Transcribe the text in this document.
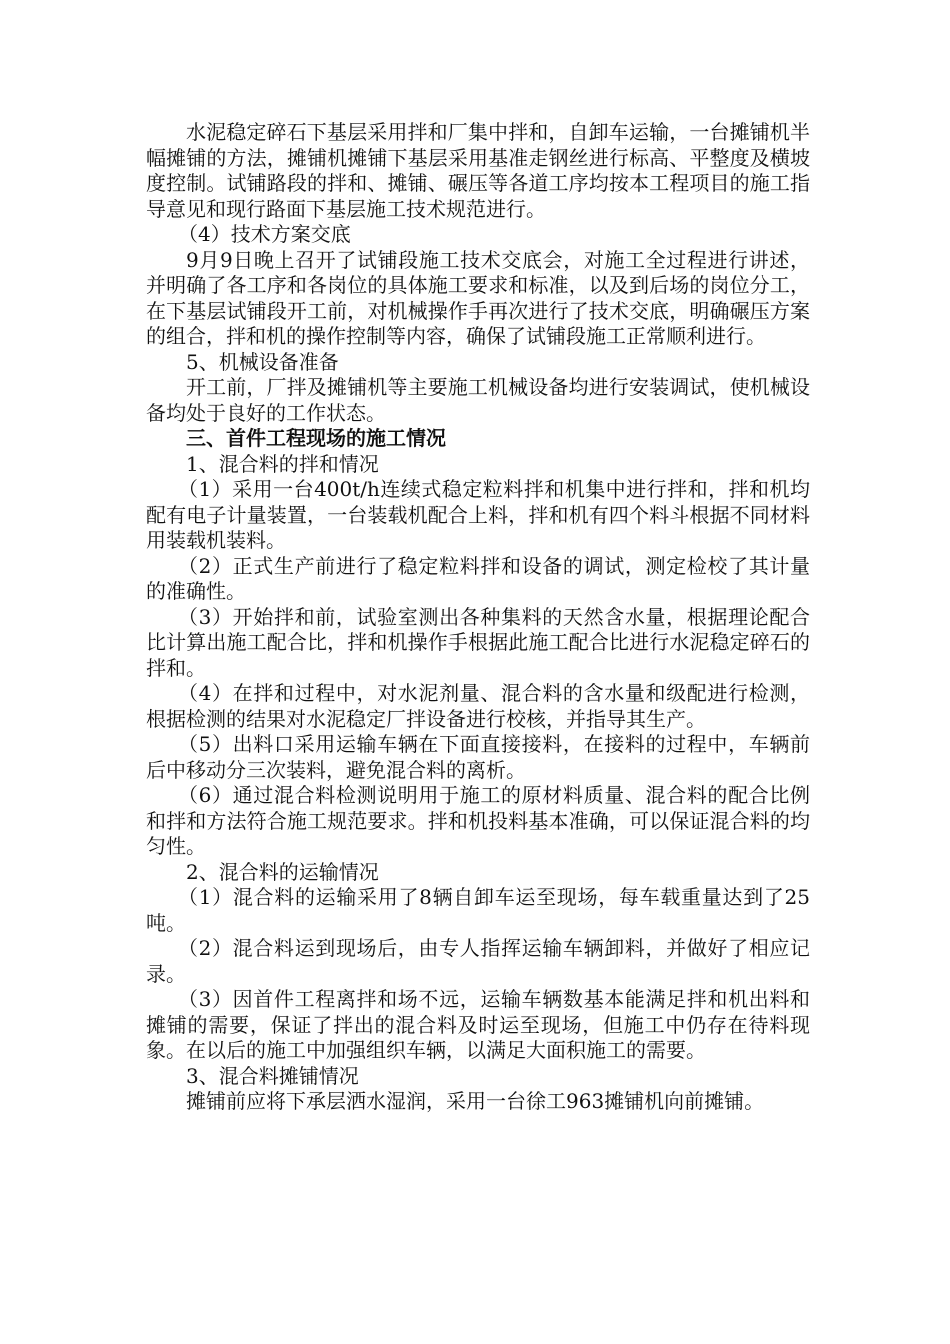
水泥稳定碎石下基层采用拌和厂集中拌和，自卸车运输，一台摊铺机半幅摊铺的方法，摊铺机摊铺下基层采用基准走钢丝进行标高、平整度及横坡度控制。试铺路段的拌和、摊铺、碾压等各道工序均按本工程项目的施工指导意见和现行路面下基层施工技术规范进行。

（4）技术方案交底

9月9日晚上召开了试铺段施工技术交底会，对施工全过程进行讲述，并明确了各工序和各岗位的具体施工要求和标准，以及到后场的岗位分工，在下基层试铺段开工前，对机械操作手再次进行了技术交底，明确碾压方案的组合，拌和机的操作控制等内容，确保了试铺段施工正常顺利进行。

5、机械设备准备

开工前，厂拌及摊铺机等主要施工机械设备均进行安装调试，使机械设备均处于良好的工作状态。

三、首件工程现场的施工情况

1、混合料的拌和情况

（1）采用一台400t/h连续式稳定粒料拌和机集中进行拌和，拌和机均配有电子计量装置，一台装载机配合上料，拌和机有四个料斗根据不同材料用装载机装料。

（2）正式生产前进行了稳定粒料拌和设备的调试，测定检校了其计量的准确性。

（3）开始拌和前，试验室测出各种集料的天然含水量，根据理论配合比计算出施工配合比，拌和机操作手根据此施工配合比进行水泥稳定碎石的拌和。

（4）在拌和过程中，对水泥剂量、混合料的含水量和级配进行检测，根据检测的结果对水泥稳定厂拌设备进行校核，并指导其生产。

（5）出料口采用运输车辆在下面直接接料，在接料的过程中，车辆前后中移动分三次装料，避免混合料的离析。

（6）通过混合料检测说明用于施工的原材料质量、混合料的配合比例和拌和方法符合施工规范要求。拌和机投料基本准确，可以保证混合料的均匀性。

2、混合料的运输情况

（1）混合料的运输采用了8辆自卸车运至现场，每车载重量达到了25吨。

（2）混合料运到现场后，由专人指挥运输车辆卸料，并做好了相应记录。

（3）因首件工程离拌和场不远，运输车辆数基本能满足拌和机出料和摊铺的需要，保证了拌出的混合料及时运至现场，但施工中仍存在待料现象。在以后的施工中加强组织车辆，以满足大面积施工的需要。

3、混合料摊铺情况

摊铺前应将下承层洒水湿润，采用一台徐工963摊铺机向前摊铺。
